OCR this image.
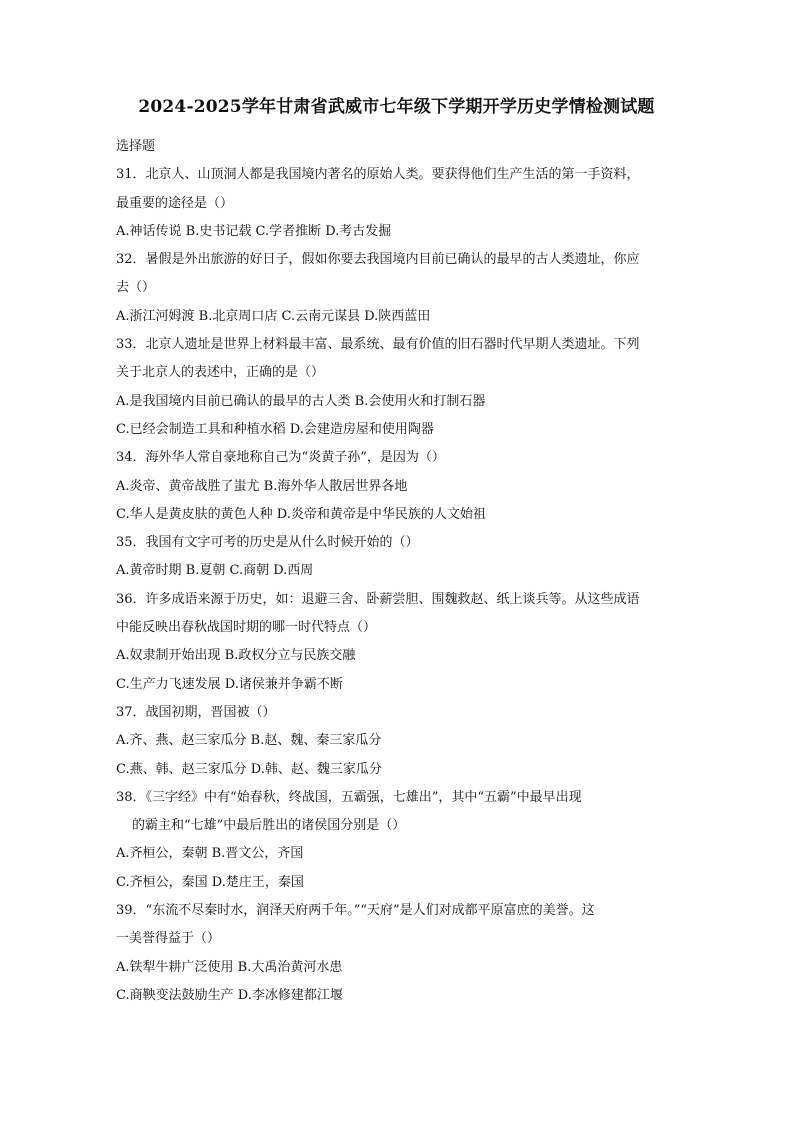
2024-2025学年甘肃省武威市七年级下学期开学历史学情检测试题
选择题
31．北京人、山顶洞人都是我国境内著名的原始人类。要获得他们生产生活的第一手资料，
最重要的途径是（）
A.神话传说 B.史书记载 C.学者推断 D.考古发掘
32．暑假是外出旅游的好日子，假如你要去我国境内目前已确认的最早的古人类遗址，你应
去（）
A.浙江河姆渡 B.北京周口店 C.云南元谋县 D.陕西蓝田
33．北京人遗址是世界上材料最丰富、最系统、最有价值的旧石器时代早期人类遗址。下列
关于北京人的表述中，正确的是（）
A.是我国境内目前已确认的最早的古人类 B.会使用火和打制石器
C.已经会制造工具和种植水稻 D.会建造房屋和使用陶器
34．海外华人常自豪地称自己为“炎黄子孙”，是因为（）
A.炎帝、黄帝战胜了蚩尤 B.海外华人散居世界各地
C.华人是黄皮肤的黄色人种 D.炎帝和黄帝是中华民族的人文始祖
35．我国有文字可考的历史是从什么时候开始的（）
A.黄帝时期 B.夏朝 C.商朝 D.西周
36．许多成语来源于历史，如：退避三舍、卧薪尝胆、围魏救赵、纸上谈兵等。从这些成语
中能反映出春秋战国时期的哪一时代特点（）
A.奴隶制开始出现 B.政权分立与民族交融
C.生产力飞速发展 D.诸侯兼并争霸不断
37．战国初期，晋国被（）
A.齐、燕、赵三家瓜分 B.赵、魏、秦三家瓜分
C.燕、韩、赵三家瓜分 D.韩、赵、魏三家瓜分
38．《三字经》中有“始春秋，终战国，五霸强，七雄出”，其中“五霸”中最早出现
的霸主和“七雄”中最后胜出的诸侯国分别是（）
A.齐桓公，秦朝 B.晋文公，齐国
C.齐桓公，秦国 D.楚庄王，秦国
39．“东流不尽秦时水，润泽天府两千年。”“天府”是人们对成都平原富庶的美誉。这
一美誉得益于（）
A.铁犁牛耕广泛使用 B.大禹治黄河水患
C.商鞅变法鼓励生产 D.李冰修建都江堰
